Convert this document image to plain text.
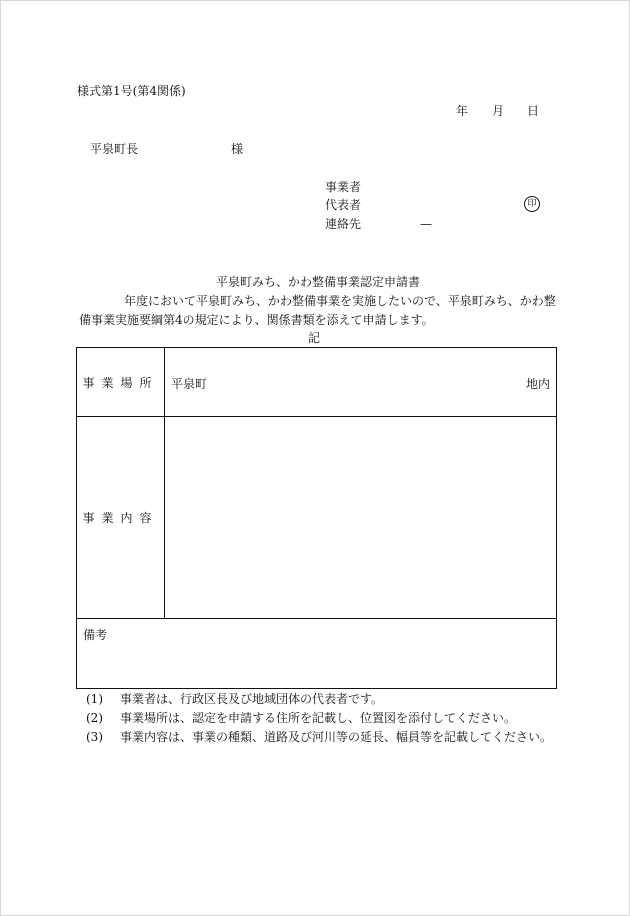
様式第1号(第4関係)
年 月 日
平泉町長	様
事業者
代表者	印
連絡先	—
平泉町みち、かわ整備事業認定申請書
年度において平泉町みち、かわ整備事業を実施したいので、平泉町みち、かわ整
備事業実施要綱第4の規定により、関係書類を添えて申請します。
記
事業場所	平泉町 地内

事業内容	

備考	
(1) 事業者は、行政区長及び地域団体の代表者です。
(2) 事業場所は、認定を申請する住所を記載し、位置図を添付してください。
(3) 事業内容は、事業の種類、道路及び河川等の延長、幅員等を記載してください。
